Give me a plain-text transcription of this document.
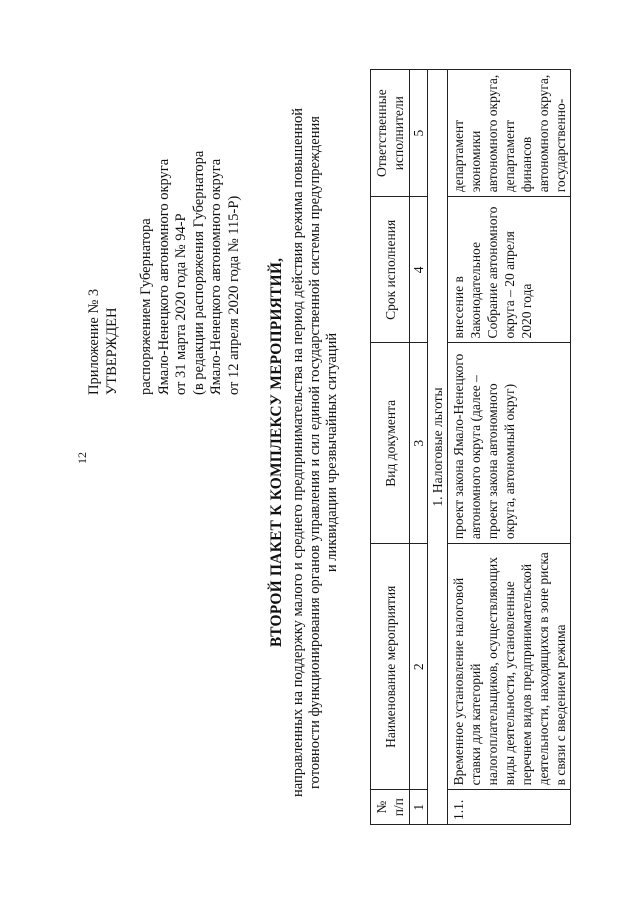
12
Приложение № 3 УТВЕРЖДЕН распоряжением Губернатора Ямало-Ненецкого автономного округа от 31 марта 2020 года № 94-Р (в редакции распоряжения Губернатора Ямало-Ненецкого автономного округа от 12 апреля 2020 года № 115-Р) ВТОРОЙ ПАКЕТ К КОМПЛЕКСУ МЕРОПРИЯТИЙ, направленных на поддержку малого и среднего предпринимательства на период действия режима повышенной готовности функционирования органов управления и сил единой государственной системы предупреждения и ликвидации чрезвычайных ситуаций
№ п/п	Наименование мероприятия	Вид документа	Срок исполнения	Ответственные исполнители
1	2	3	4	5
1. Налоговые льготы				
1.1.	Временное установление налоговой ставки для категорий налогоплательщиков, осуществляющих виды деятельности, установленные перечнем видов предпринимательской деятельности, находящихся в зоне риска в связи с введением режима	проект закона Ямало-Ненецкого автономного округа (далее – проект закона автономного округа, автономный округ)	внесение в Законодательное Собрание автономного округа – 20 апреля 2020 года	департамент экономики автономного округа, департамент финансов автономного округа, государственно-
